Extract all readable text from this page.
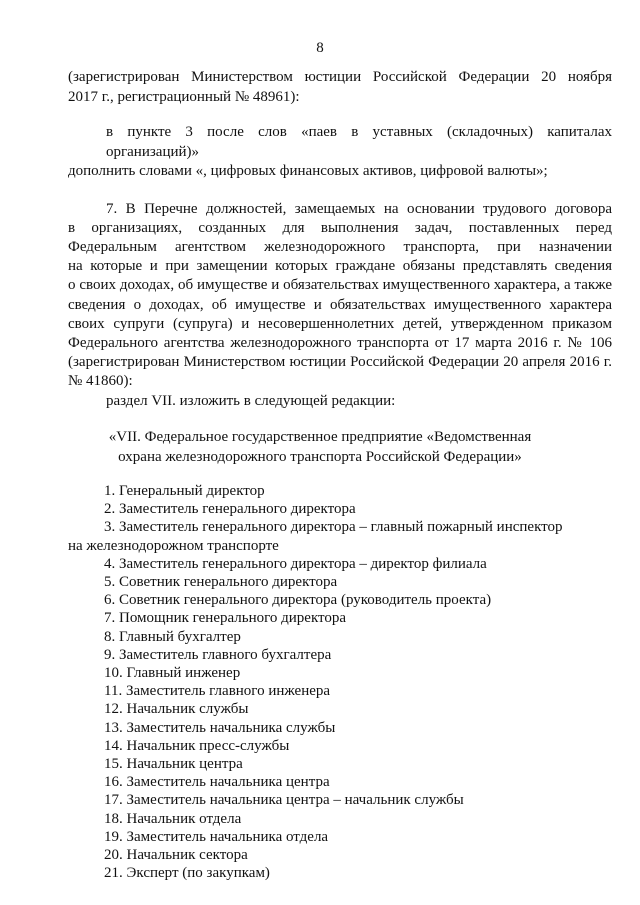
8
(зарегистрирован Министерством юстиции Российской Федерации 20 ноября
2017 г., регистрационный № 48961):
в пункте 3 после слов «паев в уставных (складочных) капиталах организаций)»
дополнить словами «, цифровых финансовых активов, цифровой валюты»;
7. В Перечне должностей, замещаемых на основании трудового договора
в организациях, созданных для выполнения задач, поставленных перед
Федеральным агентством железнодорожного транспорта, при назначении
на которые и при замещении которых граждане обязаны представлять сведения
о своих доходах, об имуществе и обязательствах имущественного характера, а также
сведения о доходах, об имуществе и обязательствах имущественного характера
своих супруги (супруга) и несовершеннолетних детей, утвержденном приказом
Федерального агентства железнодорожного транспорта от 17 марта 2016 г. № 106
(зарегистрирован Министерством юстиции Российской Федерации 20 апреля 2016 г.
№ 41860):
раздел VII. изложить в следующей редакции:
«VII. Федеральное государственное предприятие «Ведомственная
охрана железнодорожного транспорта Российской Федерации»
1. Генеральный директор
2. Заместитель генерального директора
3. Заместитель генерального директора – главный пожарный инспектор
на железнодорожном транспорте
4. Заместитель генерального директора – директор филиала
5. Советник генерального директора
6. Советник генерального директора (руководитель проекта)
7. Помощник генерального директора
8. Главный бухгалтер
9. Заместитель главного бухгалтера
10. Главный инженер
11. Заместитель главного инженера
12. Начальник службы
13. Заместитель начальника службы
14. Начальник пресс-службы
15. Начальник центра
16. Заместитель начальника центра
17. Заместитель начальника центра – начальник службы
18. Начальник отдела
19. Заместитель начальника отдела
20. Начальник сектора
21. Эксперт (по закупкам)
